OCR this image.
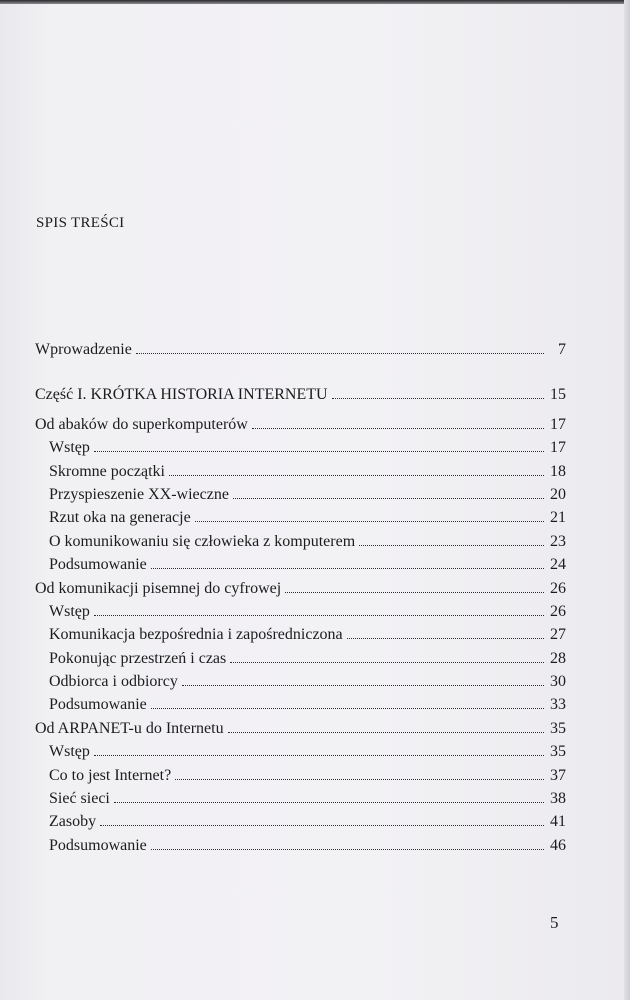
SPIS TREŚCI
Wprowadzenie	7
Część I. KRÓTKA HISTORIA INTERNETU	15
Od abaków do superkomputerów	17
Wstęp	17
Skromne początki	18
Przyspieszenie XX-wieczne	20
Rzut oka na generacje	21
O komunikowaniu się człowieka z komputerem	23
Podsumowanie	24
Od komunikacji pisemnej do cyfrowej	26
Wstęp	26
Komunikacja bezpośrednia i zapośredniczona	27
Pokonując przestrzeń i czas	28
Odbiorca i odbiorcy	30
Podsumowanie	33
Od ARPANET-u do Internetu	35
Wstęp	35
Co to jest Internet?	37
Sieć sieci	38
Zasoby	41
Podsumowanie	46
5
